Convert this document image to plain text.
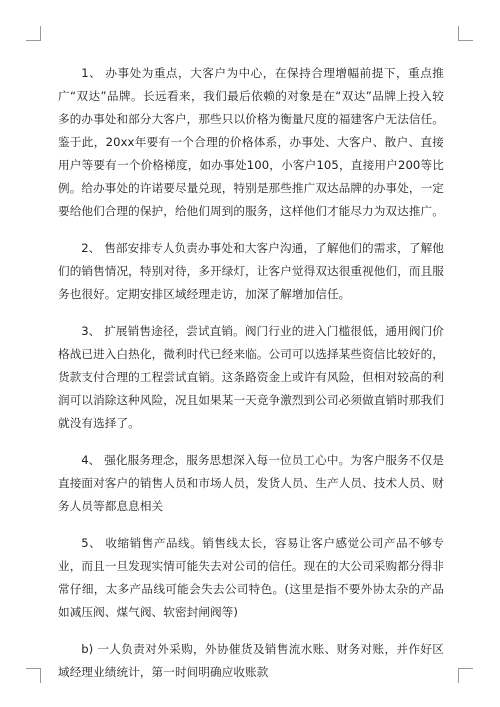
1、 办事处为重点，大客户为中心，在保持合理增幅前提下，重点推广“双达”品牌。长远看来，我们最后依赖的对象是在“双达”品牌上投入较多的办事处和部分大客户，那些只以价格为衡量尺度的福建客户无法信任。鉴于此，20xx年要有一个合理的价格体系，办事处、大客户、散户、直接用户等要有一个价格梯度，如办事处100，小客户105，直接用户200等比例。给办事处的许诺要尽量兑现，特别是那些推广双达品牌的办事处，一定要给他们合理的保护，给他们周到的服务，这样他们才能尽力为双达推广。

2、 售部安排专人负责办事处和大客户沟通，了解他们的需求，了解他们的销售情况，特别对待，多开绿灯，让客户觉得双达很重视他们，而且服务也很好。定期安排区域经理走访，加深了解增加信任。

3、 扩展销售途径，尝试直销。阀门行业的进入门槛很低，通用阀门价格战已进入白热化，微利时代已经来临。公司可以选择某些资信比较好的，货款支付合理的工程尝试直销。这条路资金上或许有风险，但相对较高的利润可以消除这种风险，况且如果某一天竞争激烈到公司必须做直销时那我们就没有选择了。

4、 强化服务理念，服务思想深入每一位员工心中。为客户服务不仅是直接面对客户的销售人员和市场人员，发货人员、生产人员、技术人员、财务人员等都息息相关

5、 收缩销售产品线。销售线太长，容易让客户感觉公司产品不够专业，而且一旦发现实情可能失去对公司的信任。现在的大公司采购都分得非常仔细，太多产品线可能会失去公司特色。(这里是指不要外协太杂的产品如减压阀、煤气阀、软密封闸阀等)

b) 一人负责对外采购，外协催货及销售流水账、财务对账，并作好区域经理业绩统计，第一时间明确应收账款
